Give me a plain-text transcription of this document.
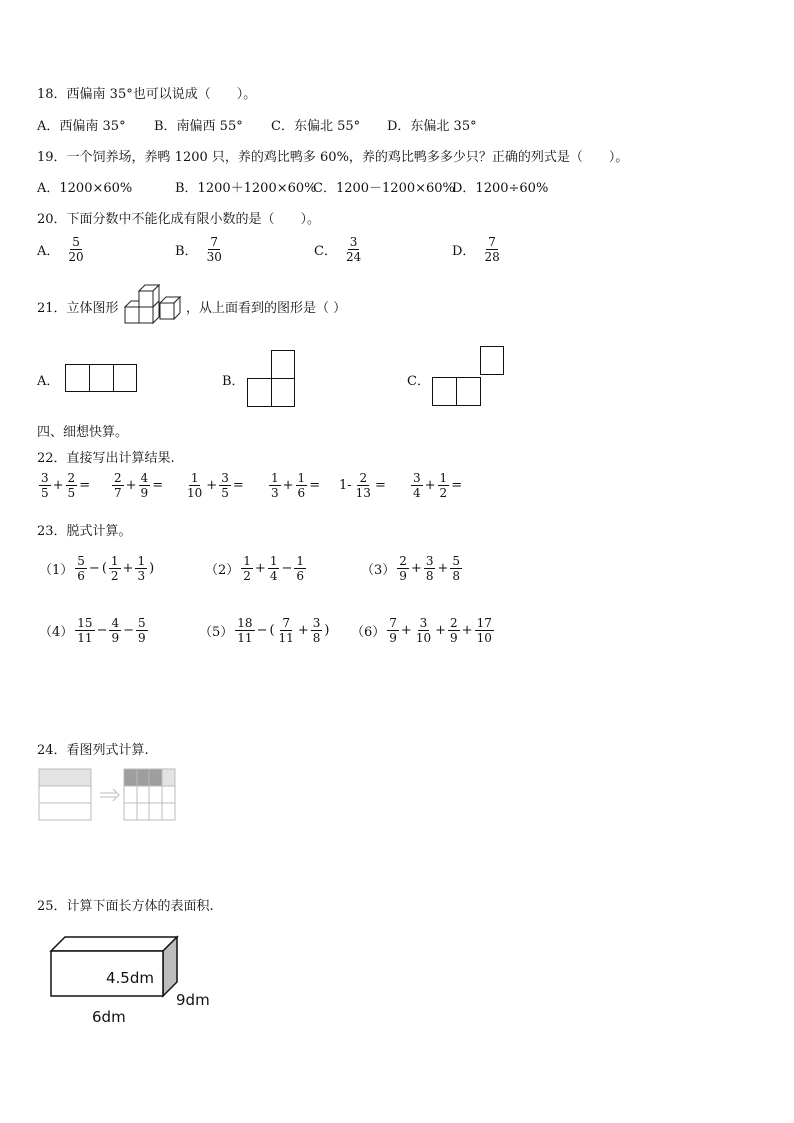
18．西偏南 35°也可以说成（　　）。
A．西偏南 35° B．南偏西 55° C．东偏北 55° D．东偏北 35°
19．一个饲养场，养鸭 1200 只，养的鸡比鸭多 60%，养的鸡比鸭多多少只？正确的列式是（　　）。
A．1200×60%	B．1200＋1200×60%
C．1200－1200×60%
D．1200÷60%
20．下面分数中不能化成有限小数的是（　　）。
A． $\frac{5}{20}$	B． $\frac{7}{30}$	C． $\frac{3}{24}$	D． $\frac{7}{28}$
21．立体图形	，从上面看到的图形是（ ）
A．	B．	C．
四、细想快算。
22．直接写出计算结果.
$\frac{3}{5} + \frac{2}{5} = \frac{2}{7} + \frac{4}{9} = \frac{1}{10} + \frac{3}{5} = \frac{1}{3} + \frac{1}{6} = 1- \frac{2}{13} = \frac{3}{4} + \frac{1}{2}$ =
23．脱式计算。
$(1) \frac{5}{6}$ − ( $\frac{1}{2} + \frac{1}{3}$ )	$(2) \frac{1}{2} + \frac{1}{4} - \frac{1}{6}$	$(3) \frac{2}{9} + \frac{3}{8} + \frac{5}{8}$
$(4) \frac{15}{11} - \frac{4}{9} - \frac{5}{9}$	$(5) \frac{18}{11}$ − ( $\frac{7}{11} + \frac{3}{8}$ ) $(6) \frac{7}{9} + \frac{3}{10} + \frac{2}{9} + \frac{17}{10}$
24．看图列式计算.
25．计算下面长方体的表面积.
4.5dm
9dm
6dm
